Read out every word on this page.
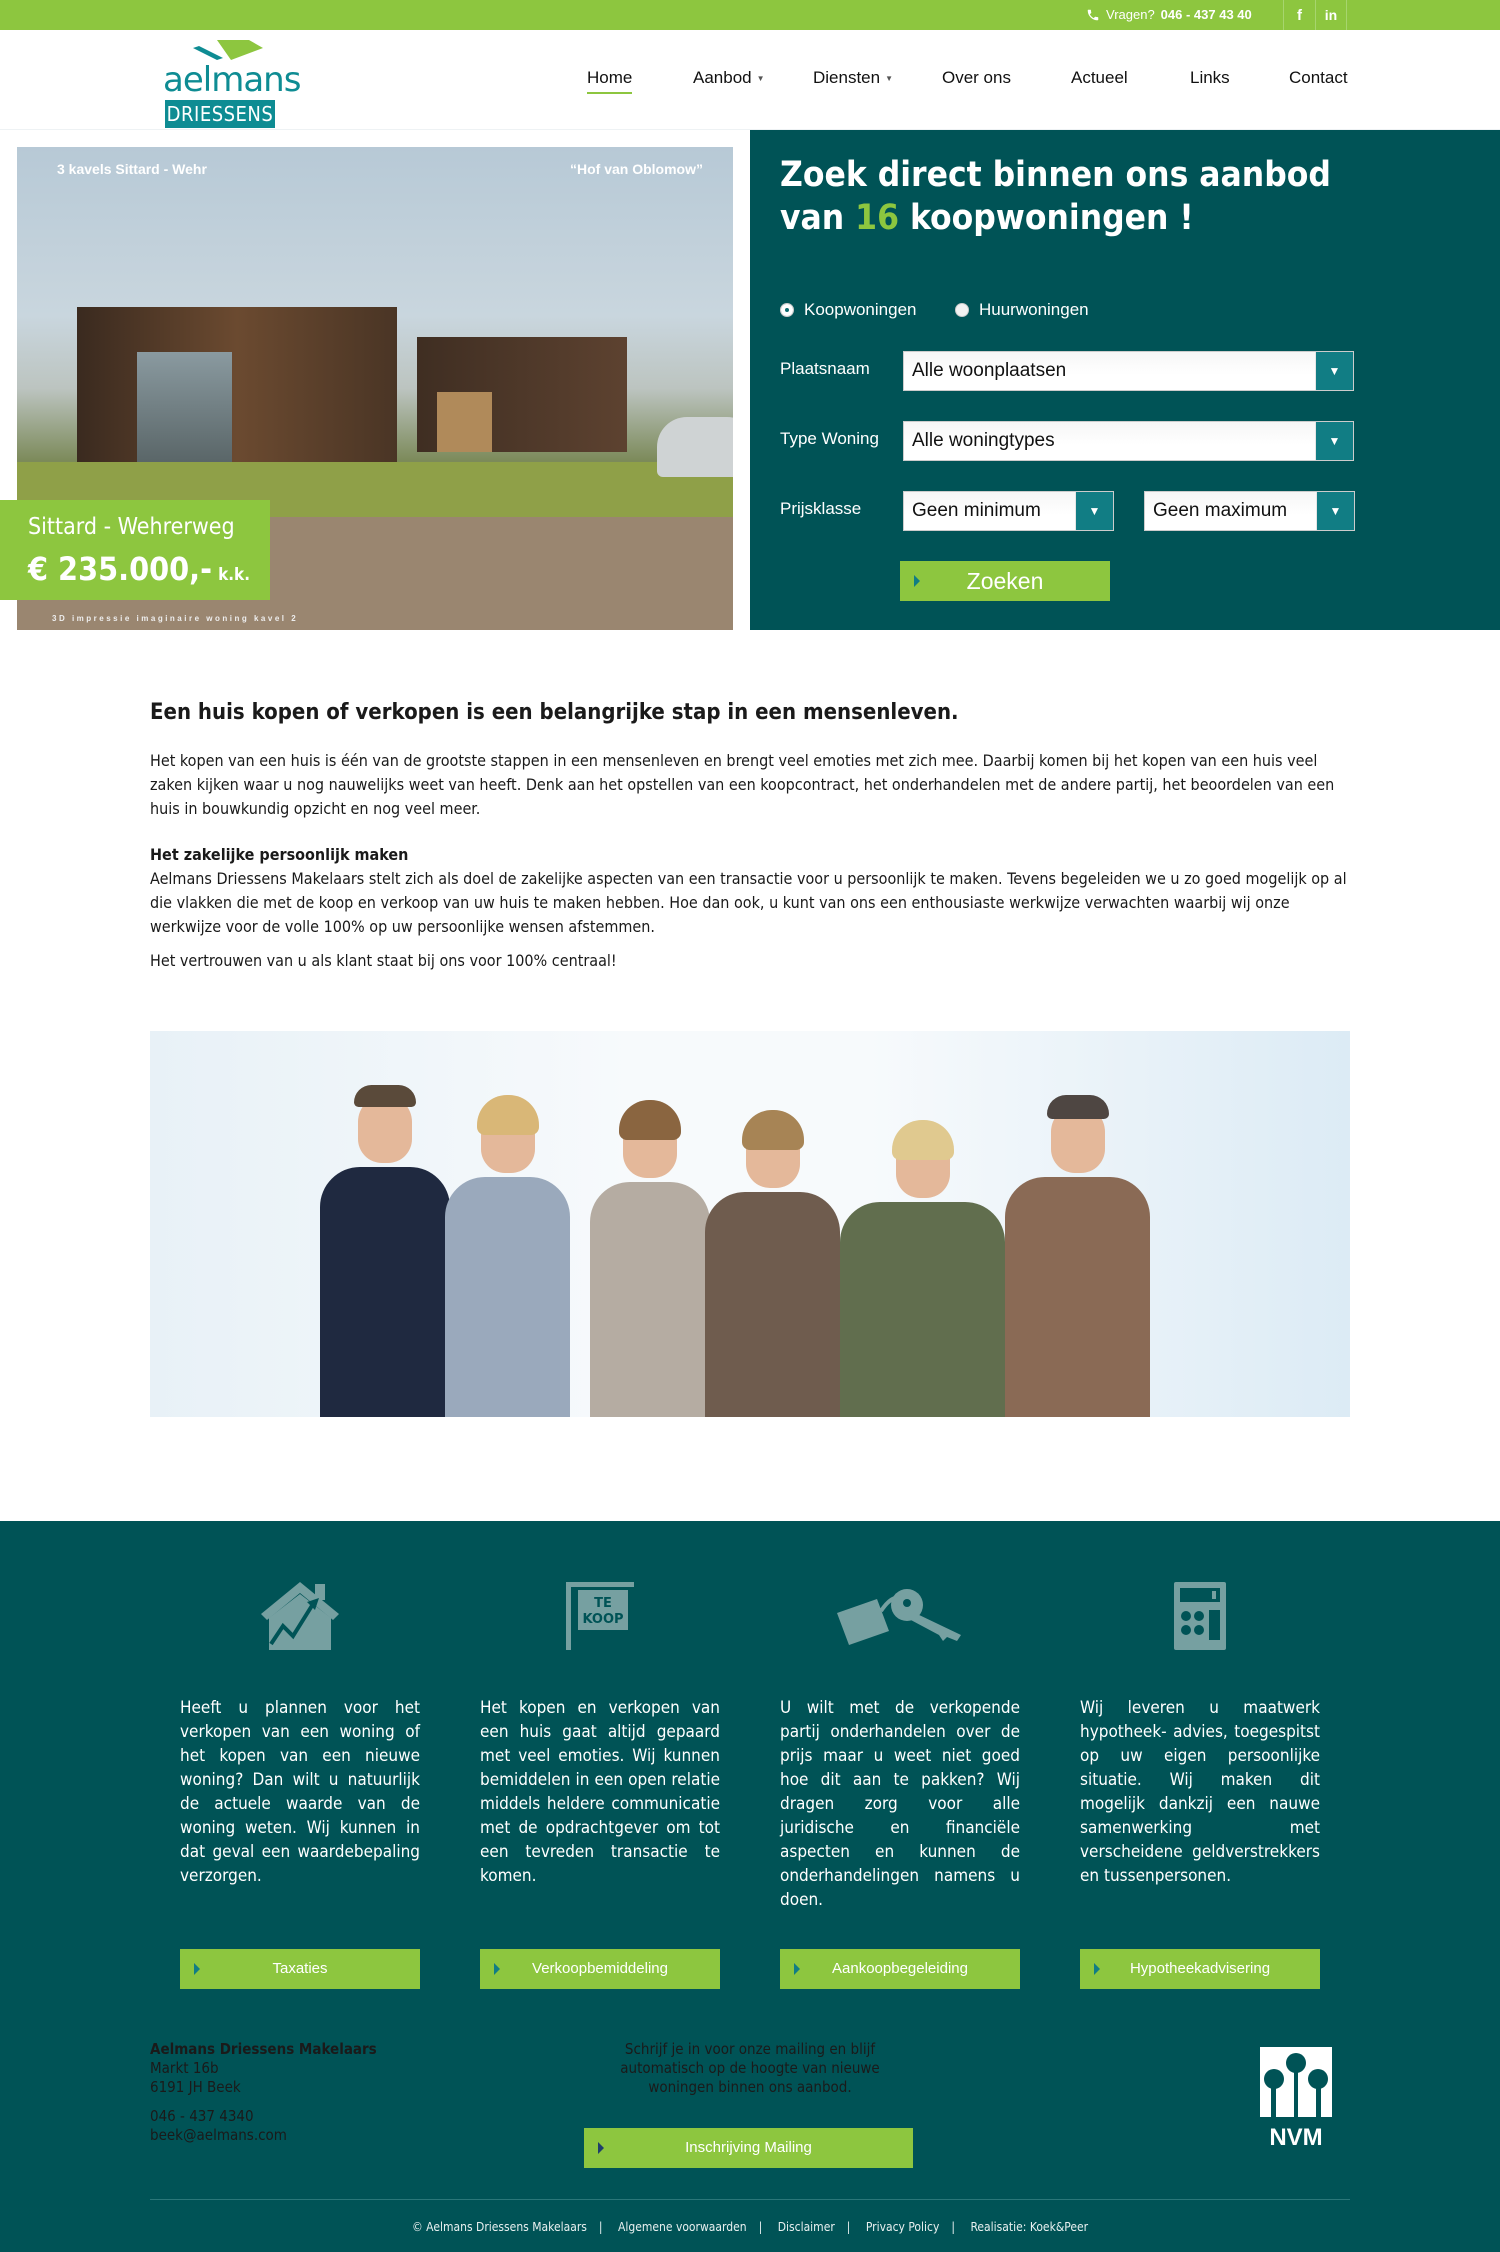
Vragen? 046 - 437 43 40	f	in
aelmans
DRIESSENS
Home	Aanbod ▼	Diensten ▼	Over ons	Actueel	Links	Contact
3 kavels Sittard - Wehr	“Hof van Oblomow”
3D impressie imaginaire woning kavel 2
Sittard - Wehrerweg
€ 235.000,- k.k.
Zoek direct binnen ons aanbod
van 16 koopwoningen !
Koopwoningen	Huurwoningen
Plaatsnaam	Alle woonplaatsen	▼
Type Woning	Alle woningtypes	▼
Prijsklasse	Geen minimum	▼	Geen maximum	▼
Zoeken
Een huis kopen of verkopen is een belangrijke stap in een mensenleven.

Het kopen van een huis is één van de grootste stappen in een mensenleven en brengt veel emoties met zich mee. Daarbij komen bij het kopen van een huis veel zaken kijken waar u nog nauwelijks weet van heeft. Denk aan het opstellen van een koopcontract, het onderhandelen met de andere partij, het beoordelen van een huis in bouwkundig opzicht en nog veel meer.

Het zakelijke persoonlijk maken
Aelmans Driessens Makelaars stelt zich als doel de zakelijke aspecten van een transactie voor u persoonlijk te maken. Tevens begeleiden we u zo goed mogelijk op al die vlakken die met de koop en verkoop van uw huis te maken hebben. Hoe dan ook, u kunt van ons een enthousiaste werkwijze verwachten waarbij wij onze werkwijze voor de volle 100% op uw persoonlijke wensen afstemmen.

Het vertrouwen van u als klant staat bij ons voor 100% centraal!

Heeft u plannen voor het verkopen van een woning of het kopen van een nieuwe woning? Dan wilt u natuurlijk de actuele waarde van de woning weten. Wij kunnen in dat geval een waardebepaling verzorgen.
Taxaties
TE
KOOP
Het kopen en verkopen van een huis gaat altijd gepaard met veel emoties. Wij kunnen bemiddelen in een open relatie middels heldere communicatie met de opdrachtgever om tot een tevreden transactie te komen.
Verkoopbemiddeling
U wilt met de verkopende partij onderhandelen over de prijs maar u weet niet goed hoe dit aan te pakken? Wij dragen zorg voor alle juridische en financiële aspecten en kunnen de onderhandelingen namens u doen.
Aankoopbegeleiding
Wij leveren u maatwerk hypotheek- advies, toegespitst op uw eigen persoonlijke situatie. Wij maken dit mogelijk dankzij een nauwe samenwerking met verscheidene geldverstrekkers en tussenpersonen.
Hypotheekadvisering
Aelmans Driessens Makelaars
Markt 16b
6191 JH Beek

046 - 437 4340
beek@aelmans.com
Schrijf je in voor onze mailing en blijf automatisch op de hoogte van nieuwe woningen binnen ons aanbod.
Inschrijving Mailing	NVM
© Aelmans Driessens Makelaars | Algemene voorwaarden | Disclaimer | Privacy Policy | Realisatie: Koek&Peer
